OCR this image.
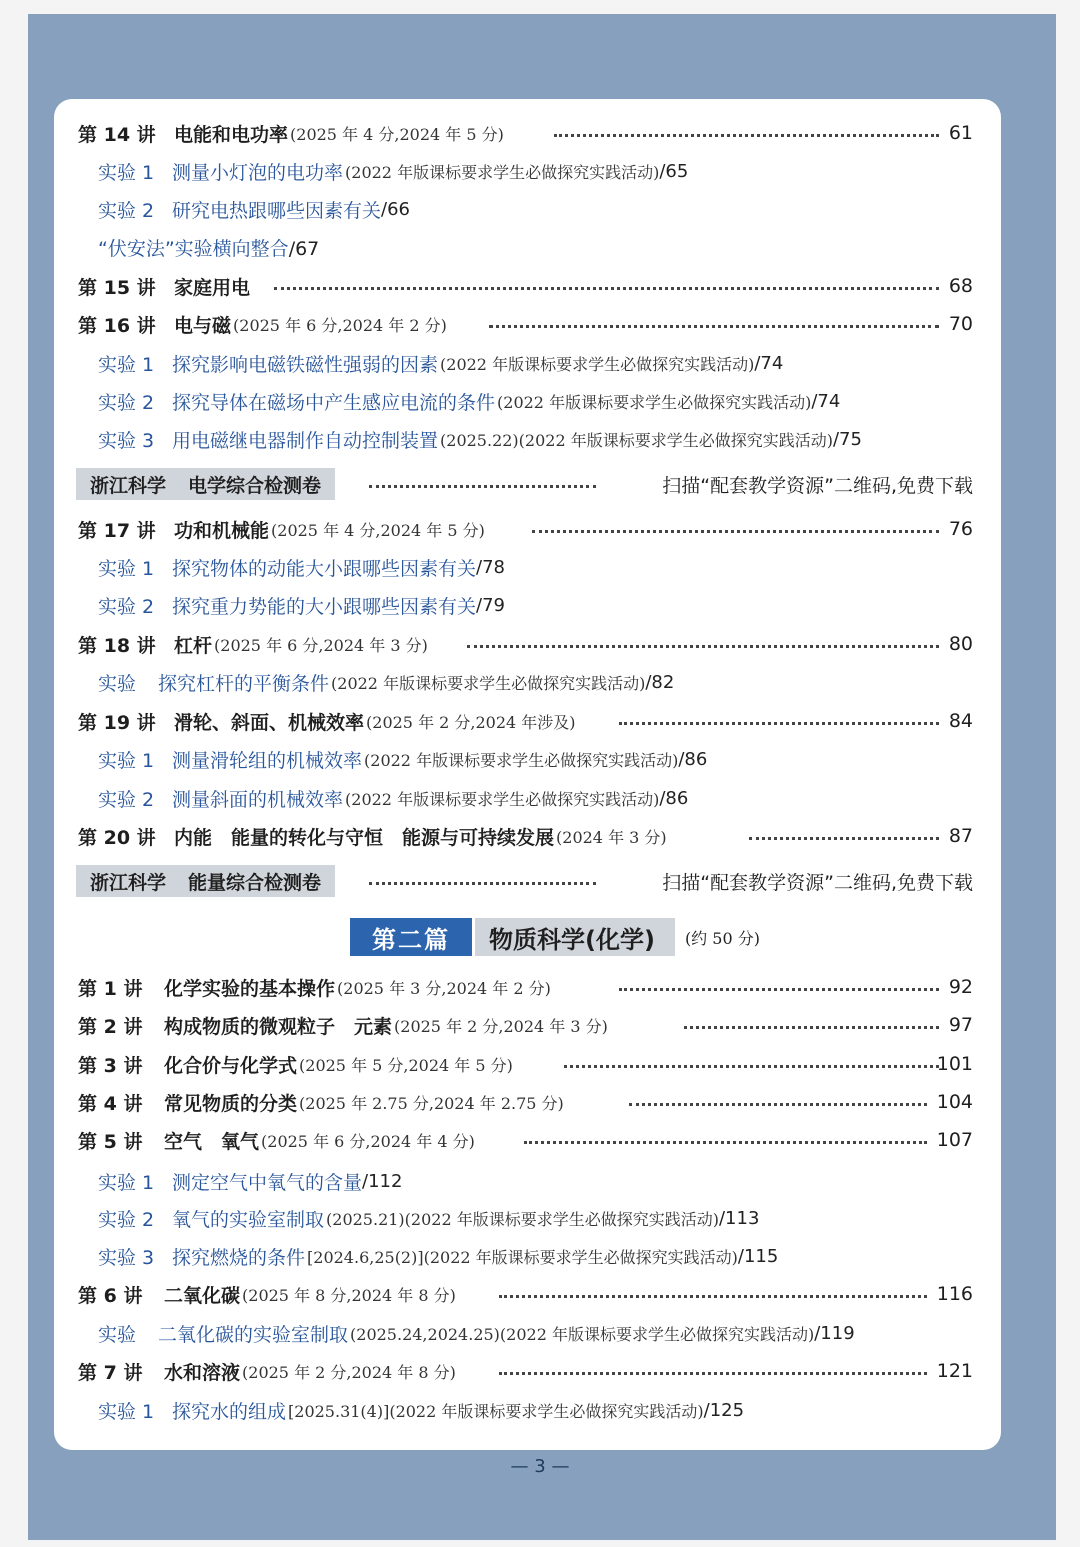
第 14 讲 电能和电功率 (2025 年 4 分,2024 年 5 分)	61
实验 1 测量小灯泡的电功率 (2022 年版课标要求学生必做探究实践活动) /65
实验 2 研究电热跟哪些因素有关 /66
“伏安法”实验横向整合/67
第 15 讲 家庭用电	68
第 16 讲 电与磁 (2025 年 6 分,2024 年 2 分)	70
实验 1 探究影响电磁铁磁性强弱的因素 (2022 年版课标要求学生必做探究实践活动) /74
实验 2 探究导体在磁场中产生感应电流的条件 (2022 年版课标要求学生必做探究实践活动) /74
实验 3 用电磁继电器制作自动控制装置 (2025.22)(2022 年版课标要求学生必做探究实践活动) /75
浙江科学 电学综合检测卷	扫描“配套教学资源”二维码,免费下载
第 17 讲 功和机械能 (2025 年 4 分,2024 年 5 分)	76
实验 1 探究物体的动能大小跟哪些因素有关 /78
实验 2 探究重力势能的大小跟哪些因素有关 /79
第 18 讲 杠杆 (2025 年 6 分,2024 年 3 分)	80
实验	探究杠杆的平衡条件 (2022 年版课标要求学生必做探究实践活动) /82
第 19 讲 滑轮、斜面、机械效率 (2025 年 2 分,2024 年涉及)	84
实验 1 测量滑轮组的机械效率 (2022 年版课标要求学生必做探究实践活动) /86
实验 2 测量斜面的机械效率 (2022 年版课标要求学生必做探究实践活动) /86
第 20 讲 内能　能量的转化与守恒　能源与可持续发展 (2024 年 3 分)	87
浙江科学 能量综合检测卷	扫描“配套教学资源”二维码,免费下载
第二篇	物质科学(化学)	(约 50 分)
第 1 讲	化学实验的基本操作 (2025 年 3 分,2024 年 2 分)	92
第 2 讲	构成物质的微观粒子　元素 (2025 年 2 分,2024 年 3 分)	97
第 3 讲	化合价与化学式 (2025 年 5 分,2024 年 5 分)	101
第 4 讲	常见物质的分类 (2025 年 2.75 分,2024 年 2.75 分)	104
第 5 讲	空气　氧气 (2025 年 6 分,2024 年 4 分)	107
实验 1 测定空气中氧气的含量 /112
实验 2 氧气的实验室制取 (2025.21)(2022 年版课标要求学生必做探究实践活动) /113
实验 3 探究燃烧的条件 [2024.6,25(2)](2022 年版课标要求学生必做探究实践活动) /115
第 6 讲	二氧化碳 (2025 年 8 分,2024 年 8 分)	116
实验	二氧化碳的实验室制取 (2025.24,2024.25)(2022 年版课标要求学生必做探究实践活动) /119
第 7 讲	水和溶液 (2025 年 2 分,2024 年 8 分)	121
实验 1 探究水的组成 [2025.31(4)](2022 年版课标要求学生必做探究实践活动) /125
— 3 —
